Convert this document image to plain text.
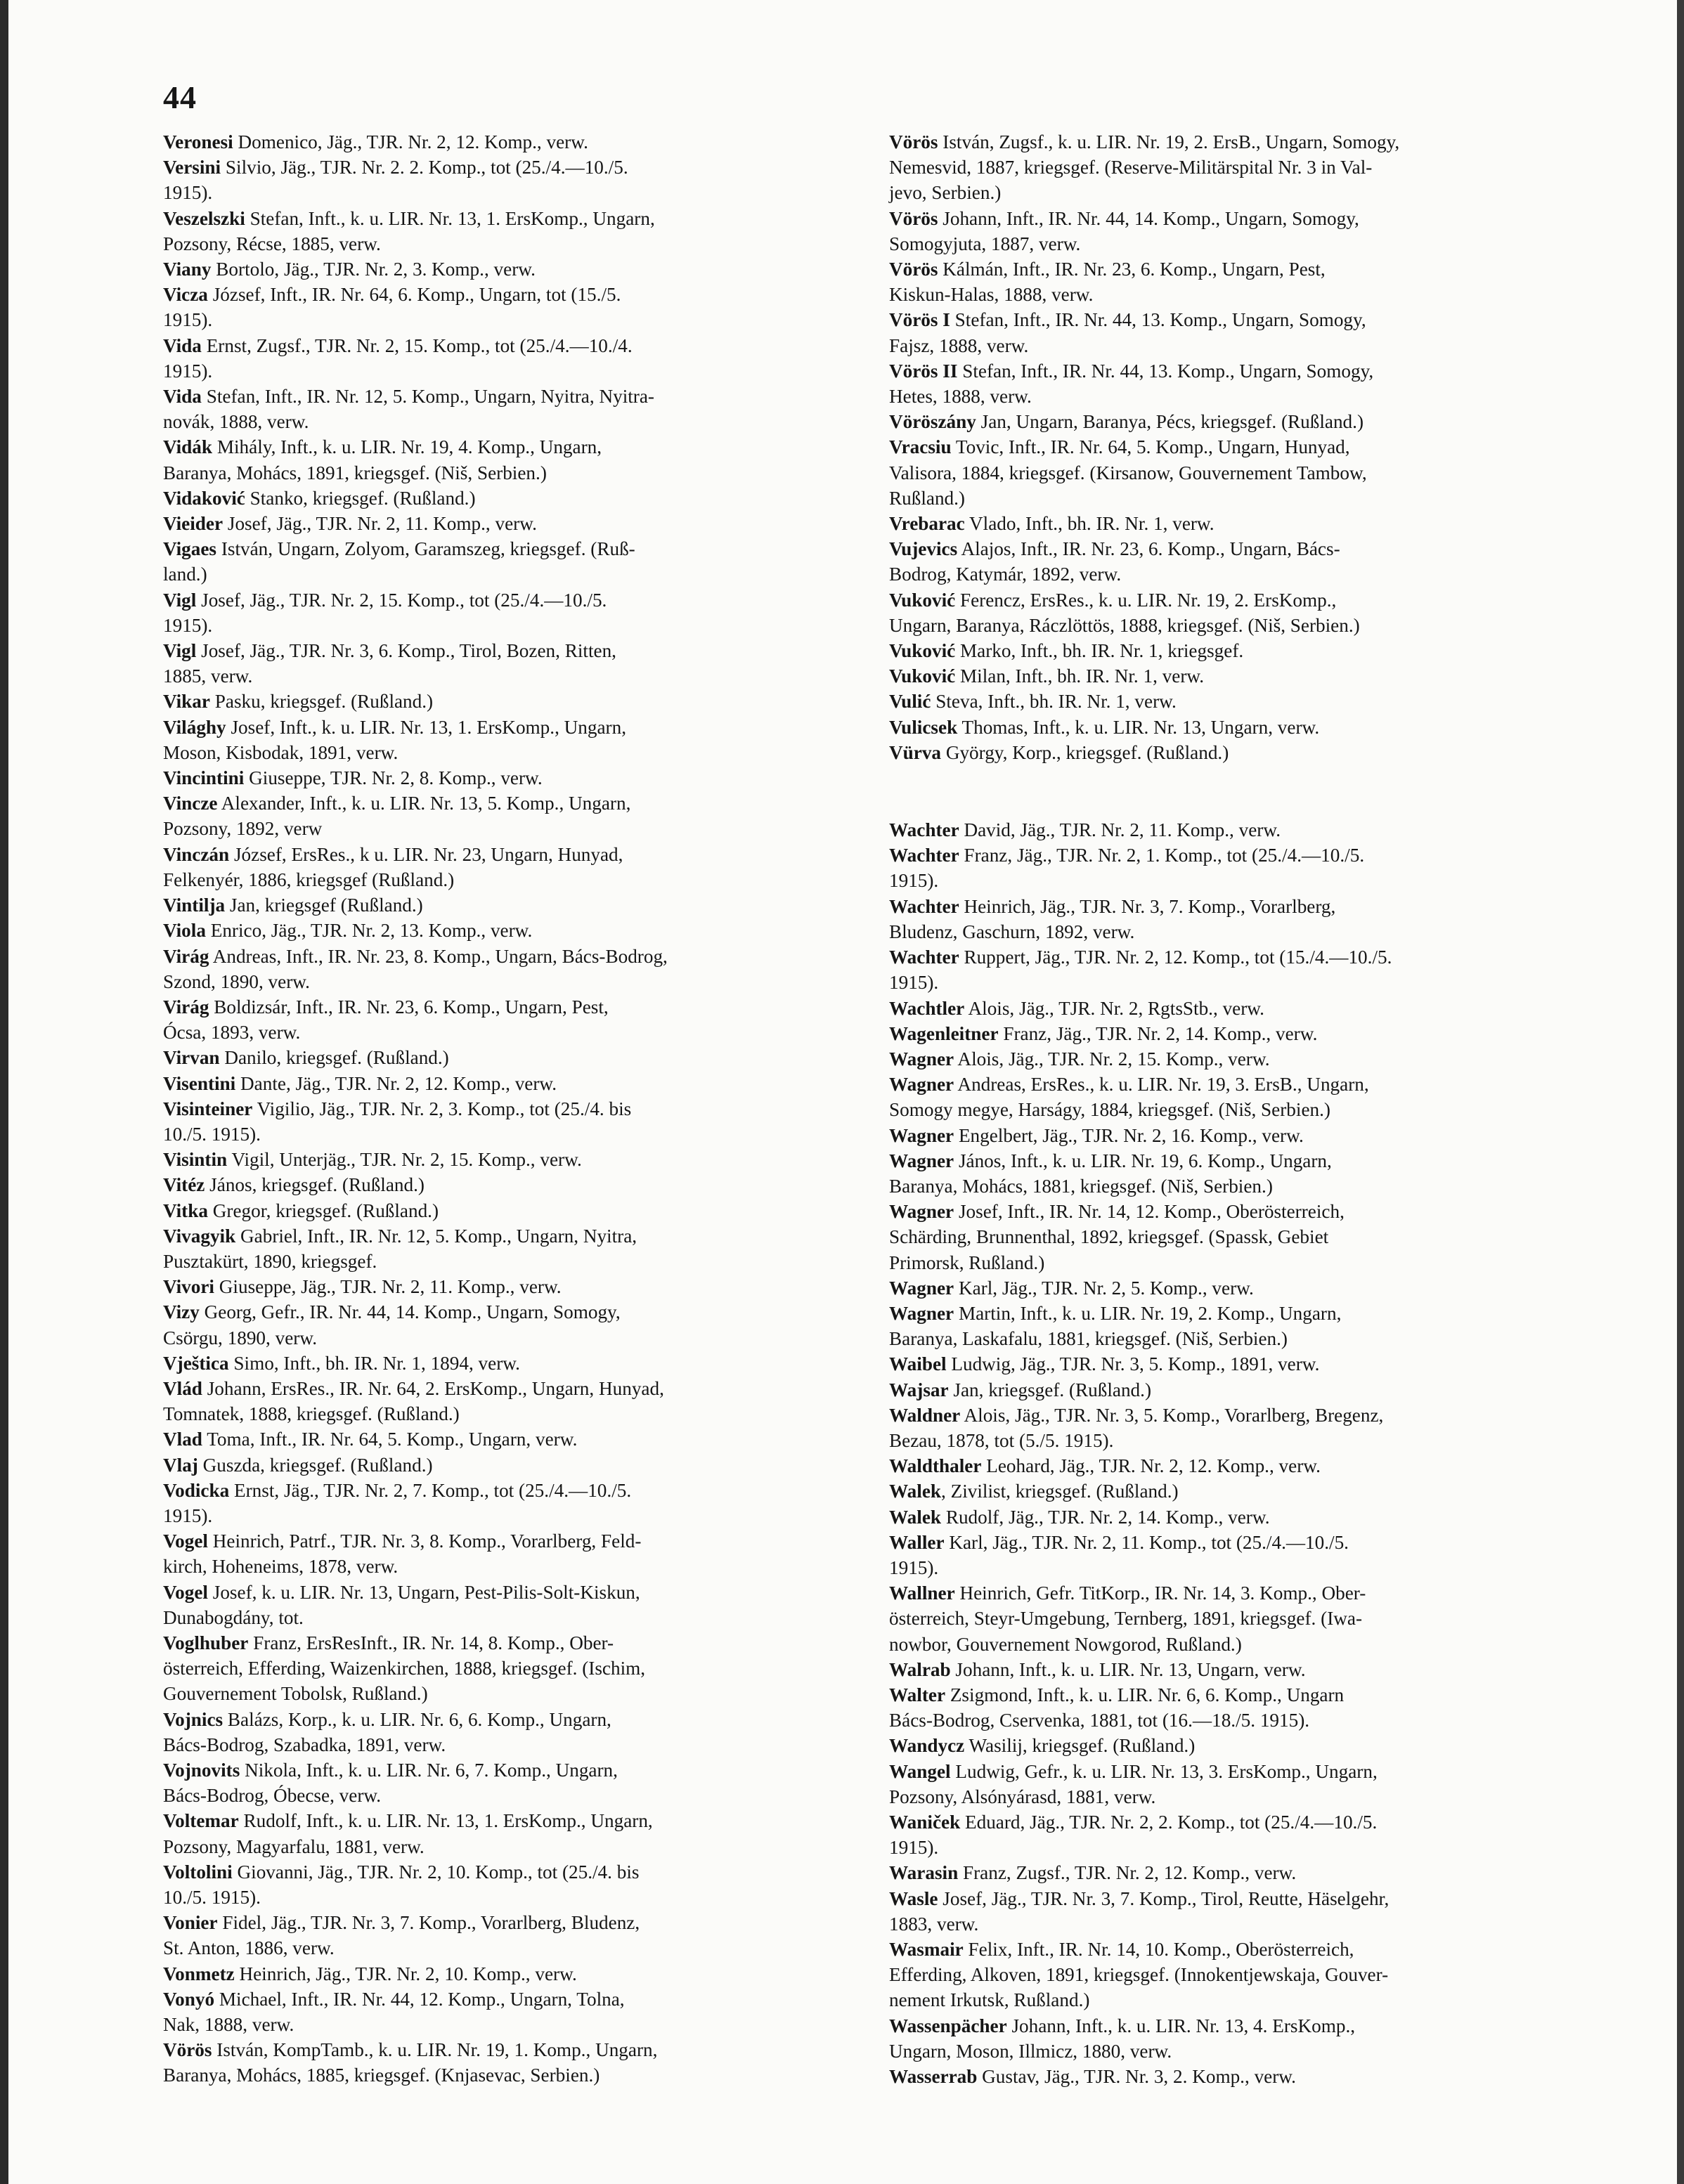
44
Veronesi Domenico, Jäg., TJR. Nr. 2, 12. Komp., verw.
Versini Silvio, Jäg., TJR. Nr. 2. 2. Komp., tot (25./4.—10./5.
1915).
Veszelszki Stefan, Inft., k. u. LIR. Nr. 13, 1. ErsKomp., Ungarn,
Pozsony, Récse, 1885, verw.
Viany Bortolo, Jäg., TJR. Nr. 2, 3. Komp., verw.
Vicza József, Inft., IR. Nr. 64, 6. Komp., Ungarn, tot (15./5.
1915).
Vida Ernst, Zugsf., TJR. Nr. 2, 15. Komp., tot (25./4.—10./4.
1915).
Vida Stefan, Inft., IR. Nr. 12, 5. Komp., Ungarn, Nyitra, Nyitra-
novák, 1888, verw.
Vidák Mihály, Inft., k. u. LIR. Nr. 19, 4. Komp., Ungarn,
Baranya, Mohács, 1891, kriegsgef. (Niš, Serbien.)
Vidaković Stanko, kriegsgef. (Rußland.)
Vieider Josef, Jäg., TJR. Nr. 2, 11. Komp., verw.
Vigaes István, Ungarn, Zolyom, Garamszeg, kriegsgef. (Ruß-
land.)
Vigl Josef, Jäg., TJR. Nr. 2, 15. Komp., tot (25./4.—10./5.
1915).
Vigl Josef, Jäg., TJR. Nr. 3, 6. Komp., Tirol, Bozen, Ritten,
1885, verw.
Vikar Pasku, kriegsgef. (Rußland.)
Világhy Josef, Inft., k. u. LIR. Nr. 13, 1. ErsKomp., Ungarn,
Moson, Kisbodak, 1891, verw.
Vincintini Giuseppe, TJR. Nr. 2, 8. Komp., verw.
Vincze Alexander, Inft., k. u. LIR. Nr. 13, 5. Komp., Ungarn,
Pozsony, 1892, verw
Vinczán József, ErsRes., k u. LIR. Nr. 23, Ungarn, Hunyad,
Felkenyér, 1886, kriegsgef (Rußland.)
Vintilja Jan, kriegsgef (Rußland.)
Viola Enrico, Jäg., TJR. Nr. 2, 13. Komp., verw.
Virág Andreas, Inft., IR. Nr. 23, 8. Komp., Ungarn, Bács-Bodrog,
Szond, 1890, verw.
Virág Boldizsár, Inft., IR. Nr. 23, 6. Komp., Ungarn, Pest,
Ócsa, 1893, verw.
Virvan Danilo, kriegsgef. (Rußland.)
Visentini Dante, Jäg., TJR. Nr. 2, 12. Komp., verw.
Visinteiner Vigilio, Jäg., TJR. Nr. 2, 3. Komp., tot (25./4. bis
10./5. 1915).
Visintin Vigil, Unterjäg., TJR. Nr. 2, 15. Komp., verw.
Vitéz János, kriegsgef. (Rußland.)
Vitka Gregor, kriegsgef. (Rußland.)
Vivagyik Gabriel, Inft., IR. Nr. 12, 5. Komp., Ungarn, Nyitra,
Pusztakürt, 1890, kriegsgef.
Vivori Giuseppe, Jäg., TJR. Nr. 2, 11. Komp., verw.
Vizy Georg, Gefr., IR. Nr. 44, 14. Komp., Ungarn, Somogy,
Csörgu, 1890, verw.
Vještica Simo, Inft., bh. IR. Nr. 1, 1894, verw.
Vlád Johann, ErsRes., IR. Nr. 64, 2. ErsKomp., Ungarn, Hunyad,
Tomnatek, 1888, kriegsgef. (Rußland.)
Vlad Toma, Inft., IR. Nr. 64, 5. Komp., Ungarn, verw.
Vlaj Guszda, kriegsgef. (Rußland.)
Vodicka Ernst, Jäg., TJR. Nr. 2, 7. Komp., tot (25./4.—10./5.
1915).
Vogel Heinrich, Patrf., TJR. Nr. 3, 8. Komp., Vorarlberg, Feld-
kirch, Hoheneims, 1878, verw.
Vogel Josef, k. u. LIR. Nr. 13, Ungarn, Pest-Pilis-Solt-Kiskun,
Dunabogdány, tot.
Voglhuber Franz, ErsResInft., IR. Nr. 14, 8. Komp., Ober-
österreich, Efferding, Waizenkirchen, 1888, kriegsgef. (Ischim,
Gouvernement Tobolsk, Rußland.)
Vojnics Balázs, Korp., k. u. LIR. Nr. 6, 6. Komp., Ungarn,
Bács-Bodrog, Szabadka, 1891, verw.
Vojnovits Nikola, Inft., k. u. LIR. Nr. 6, 7. Komp., Ungarn,
Bács-Bodrog, Óbecse, verw.
Voltemar Rudolf, Inft., k. u. LIR. Nr. 13, 1. ErsKomp., Ungarn,
Pozsony, Magyarfalu, 1881, verw.
Voltolini Giovanni, Jäg., TJR. Nr. 2, 10. Komp., tot (25./4. bis
10./5. 1915).
Vonier Fidel, Jäg., TJR. Nr. 3, 7. Komp., Vorarlberg, Bludenz,
St. Anton, 1886, verw.
Vonmetz Heinrich, Jäg., TJR. Nr. 2, 10. Komp., verw.
Vonyó Michael, Inft., IR. Nr. 44, 12. Komp., Ungarn, Tolna,
Nak, 1888, verw.
Vörös István, KompTamb., k. u. LIR. Nr. 19, 1. Komp., Ungarn,
Baranya, Mohács, 1885, kriegsgef. (Knjasevac, Serbien.)
Vörös István, Zugsf., k. u. LIR. Nr. 19, 2. ErsB., Ungarn, Somogy,
Nemesvid, 1887, kriegsgef. (Reserve-Militärspital Nr. 3 in Val-
jevo, Serbien.)
Vörös Johann, Inft., IR. Nr. 44, 14. Komp., Ungarn, Somogy,
Somogyjuta, 1887, verw.
Vörös Kálmán, Inft., IR. Nr. 23, 6. Komp., Ungarn, Pest,
Kiskun-Halas, 1888, verw.
Vörös I Stefan, Inft., IR. Nr. 44, 13. Komp., Ungarn, Somogy,
Fajsz, 1888, verw.
Vörös II Stefan, Inft., IR. Nr. 44, 13. Komp., Ungarn, Somogy,
Hetes, 1888, verw.
Vöröszány Jan, Ungarn, Baranya, Pécs, kriegsgef. (Rußland.)
Vracsiu Tovic, Inft., IR. Nr. 64, 5. Komp., Ungarn, Hunyad,
Valisora, 1884, kriegsgef. (Kirsanow, Gouvernement Tambow,
Rußland.)
Vrebarac Vlado, Inft., bh. IR. Nr. 1, verw.
Vujevics Alajos, Inft., IR. Nr. 23, 6. Komp., Ungarn, Bács-
Bodrog, Katymár, 1892, verw.
Vuković Ferencz, ErsRes., k. u. LIR. Nr. 19, 2. ErsKomp.,
Ungarn, Baranya, Ráczlöttös, 1888, kriegsgef. (Niš, Serbien.)
Vuković Marko, Inft., bh. IR. Nr. 1, kriegsgef.
Vuković Milan, Inft., bh. IR. Nr. 1, verw.
Vulić Steva, Inft., bh. IR. Nr. 1, verw.
Vulicsek Thomas, Inft., k. u. LIR. Nr. 13, Ungarn, verw.
Vürva György, Korp., kriegsgef. (Rußland.)
Wachter David, Jäg., TJR. Nr. 2, 11. Komp., verw.
Wachter Franz, Jäg., TJR. Nr. 2, 1. Komp., tot (25./4.—10./5.
1915).
Wachter Heinrich, Jäg., TJR. Nr. 3, 7. Komp., Vorarlberg,
Bludenz, Gaschurn, 1892, verw.
Wachter Ruppert, Jäg., TJR. Nr. 2, 12. Komp., tot (15./4.—10./5.
1915).
Wachtler Alois, Jäg., TJR. Nr. 2, RgtsStb., verw.
Wagenleitner Franz, Jäg., TJR. Nr. 2, 14. Komp., verw.
Wagner Alois, Jäg., TJR. Nr. 2, 15. Komp., verw.
Wagner Andreas, ErsRes., k. u. LIR. Nr. 19, 3. ErsB., Ungarn,
Somogy megye, Harságy, 1884, kriegsgef. (Niš, Serbien.)
Wagner Engelbert, Jäg., TJR. Nr. 2, 16. Komp., verw.
Wagner János, Inft., k. u. LIR. Nr. 19, 6. Komp., Ungarn,
Baranya, Mohács, 1881, kriegsgef. (Niš, Serbien.)
Wagner Josef, Inft., IR. Nr. 14, 12. Komp., Oberösterreich,
Schärding, Brunnenthal, 1892, kriegsgef. (Spassk, Gebiet
Primorsk, Rußland.)
Wagner Karl, Jäg., TJR. Nr. 2, 5. Komp., verw.
Wagner Martin, Inft., k. u. LIR. Nr. 19, 2. Komp., Ungarn,
Baranya, Laskafalu, 1881, kriegsgef. (Niš, Serbien.)
Waibel Ludwig, Jäg., TJR. Nr. 3, 5. Komp., 1891, verw.
Wajsar Jan, kriegsgef. (Rußland.)
Waldner Alois, Jäg., TJR. Nr. 3, 5. Komp., Vorarlberg, Bregenz,
Bezau, 1878, tot (5./5. 1915).
Waldthaler Leohard, Jäg., TJR. Nr. 2, 12. Komp., verw.
Walek, Zivilist, kriegsgef. (Rußland.)
Walek Rudolf, Jäg., TJR. Nr. 2, 14. Komp., verw.
Waller Karl, Jäg., TJR. Nr. 2, 11. Komp., tot (25./4.—10./5.
1915).
Wallner Heinrich, Gefr. TitKorp., IR. Nr. 14, 3. Komp., Ober-
österreich, Steyr-Umgebung, Ternberg, 1891, kriegsgef. (Iwa-
nowbor, Gouvernement Nowgorod, Rußland.)
Walrab Johann, Inft., k. u. LIR. Nr. 13, Ungarn, verw.
Walter Zsigmond, Inft., k. u. LIR. Nr. 6, 6. Komp., Ungarn
Bács-Bodrog, Cservenka, 1881, tot (16.—18./5. 1915).
Wandycz Wasilij, kriegsgef. (Rußland.)
Wangel Ludwig, Gefr., k. u. LIR. Nr. 13, 3. ErsKomp., Ungarn,
Pozsony, Alsónyárasd, 1881, verw.
Waniček Eduard, Jäg., TJR. Nr. 2, 2. Komp., tot (25./4.—10./5.
1915).
Warasin Franz, Zugsf., TJR. Nr. 2, 12. Komp., verw.
Wasle Josef, Jäg., TJR. Nr. 3, 7. Komp., Tirol, Reutte, Häselgehr,
1883, verw.
Wasmair Felix, Inft., IR. Nr. 14, 10. Komp., Oberösterreich,
Efferding, Alkoven, 1891, kriegsgef. (Innokentjewskaja, Gouver-
nement Irkutsk, Rußland.)
Wassenpächer Johann, Inft., k. u. LIR. Nr. 13, 4. ErsKomp.,
Ungarn, Moson, Illmicz, 1880, verw.
Wasserrab Gustav, Jäg., TJR. Nr. 3, 2. Komp., verw.
